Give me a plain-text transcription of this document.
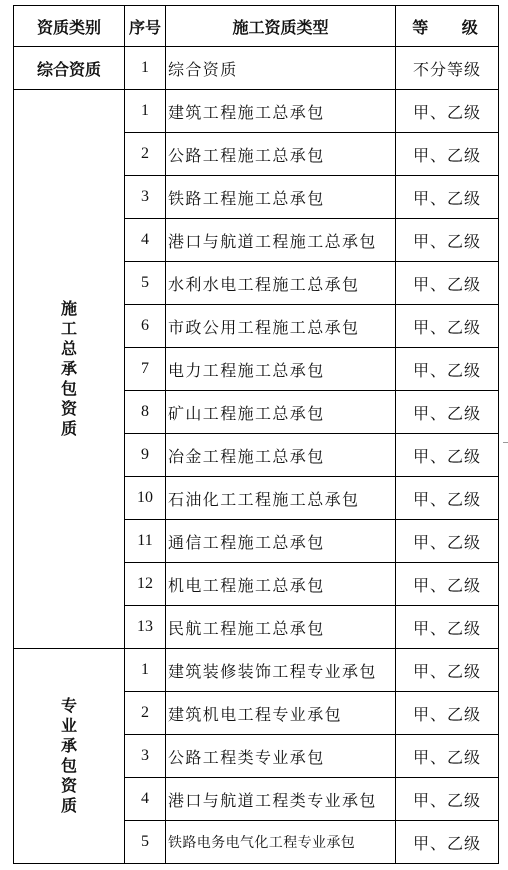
资质类别	序号	施工资质类型	等 级
综合资质	1	综合资质	不分等级
施工总承包资质	1	建筑工程施工总承包	甲、乙级
	2	公路工程施工总承包	甲、乙级
	3	铁路工程施工总承包	甲、乙级
	4	港口与航道工程施工总承包	甲、乙级
	5	水利水电工程施工总承包	甲、乙级
	6	市政公用工程施工总承包	甲、乙级
	7	电力工程施工总承包	甲、乙级
	8	矿山工程施工总承包	甲、乙级
	9	冶金工程施工总承包	甲、乙级
	10	石油化工工程施工总承包	甲、乙级
	11	通信工程施工总承包	甲、乙级
	12	机电工程施工总承包	甲、乙级
	13	民航工程施工总承包	甲、乙级
专业承包资质	1	建筑装修装饰工程专业承包	甲、乙级
	2	建筑机电工程专业承包	甲、乙级
	3	公路工程类专业承包	甲、乙级
	4	港口与航道工程类专业承包	甲、乙级
	5	铁路电务电气化工程专业承包	甲、乙级
